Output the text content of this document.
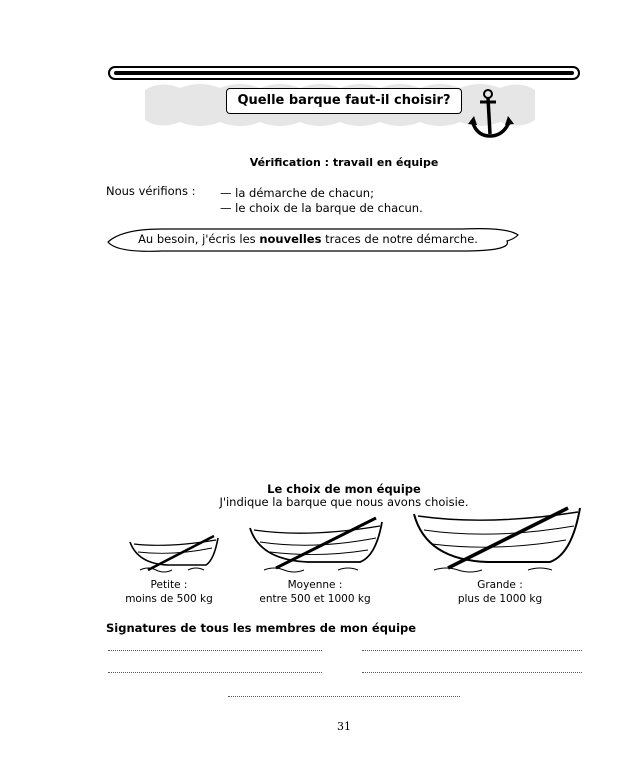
Quelle barque faut-il choisir?
Vérification : travail en équipe
Nous vérifions : — la démarche de chacun;
— le choix de la barque de chacun.
Au besoin, j'écris les nouvelles traces de notre démarche.
Le choix de mon équipe
J'indique la barque que nous avons choisie.
Petite :
moins de 500 kg
Moyenne :
entre 500 et 1000 kg
Grande :
plus de 1000 kg
Signatures de tous les membres de mon équipe
31
